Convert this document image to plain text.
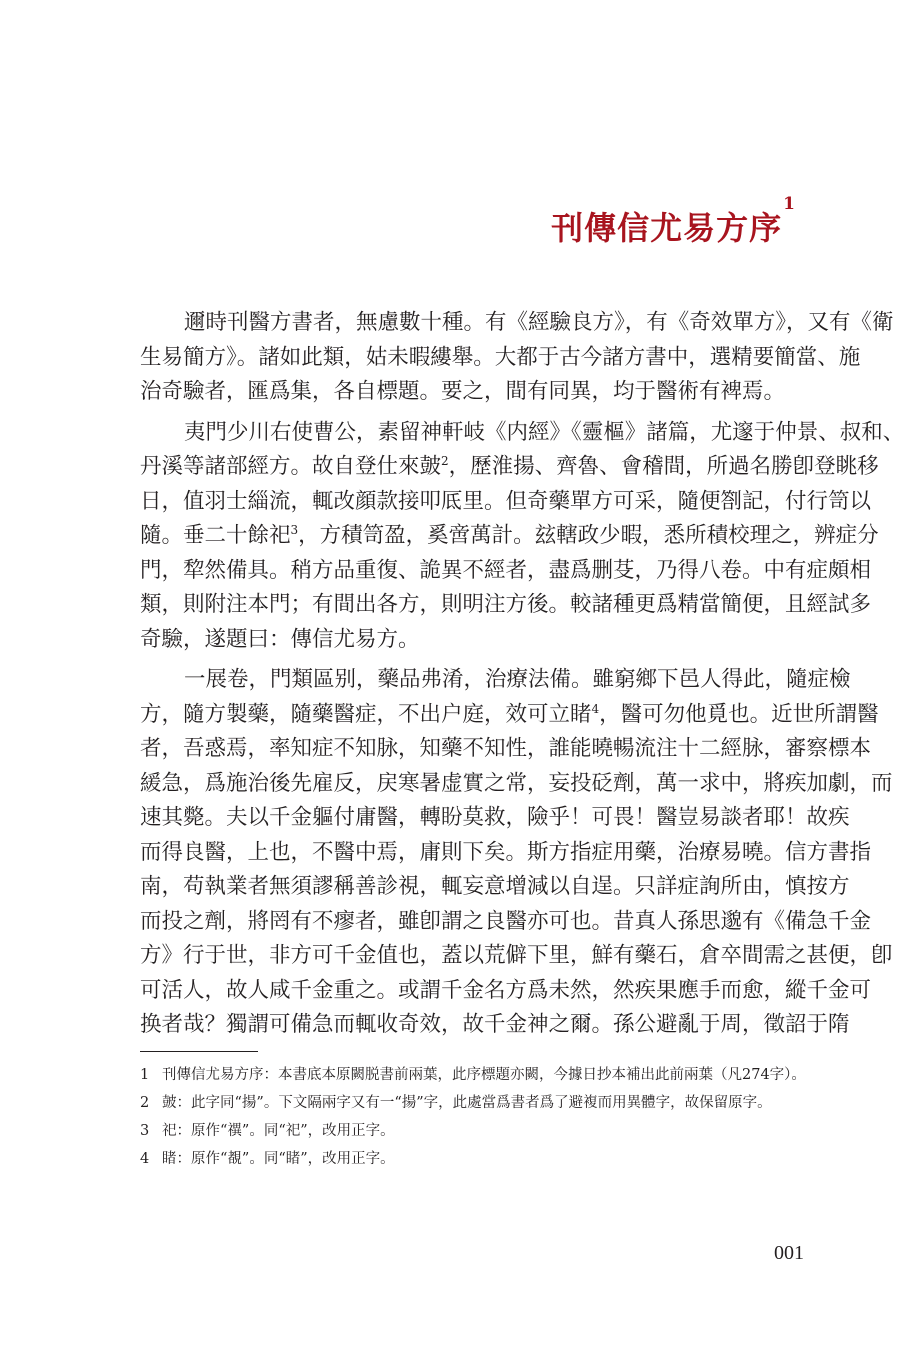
刊傳信尤易方序$^1$

邇時刊醫方書者，無慮數十種。有《經驗良方》，有《奇效單方》，又有《衛
生易簡方》。諸如此類，姑未暇縷舉。大都于古今諸方書中，選精要簡當、施
治奇驗者，匯爲集，各自標題。要之，間有同異，均于醫術有裨焉。

夷門少川右使曹公，素留神軒岐《内經》《靈樞》諸篇，尤邃于仲景、叔和、
丹溪等諸部經方。故自登仕來皷$^2$，歷淮揚、齊魯、會稽間，所過名勝卽登眺移
日，值羽士緇流，輒改顔款接叩厎里。但奇藥單方可采，隨便劄記，付行笥以
隨。垂二十餘祀$^3$，方積笥盈，奚啻萬計。玆轄政少暇，悉所積校理之，辨症分
門，犂然備具。稍方品重復、詭異不經者，盡爲删芟，乃得八卷。中有症頗相
類，則附注本門；有間出各方，則明注方後。較諸種更爲精當簡便，且經試多
奇驗，遂題曰：傳信尤易方。

一展卷，門類區别，藥品弗淆，治療法備。雖窮鄉下邑人得此，隨症檢
方，隨方製藥，隨藥醫症，不出户庭，效可立睹$^4$，醫可勿他覓也。近世所謂醫
者，吾惑焉，率知症不知脉，知藥不知性，誰能曉暢流注十二經脉，審察標本
緩急，爲施治後先雇反，戻寒暑虚實之常，妄投砭劑，萬一求中，將疾加劇，而
速其斃。夫以千金軀付庸醫，轉盼莫救，險乎！可畏！醫豈易談者耶！故疾
而得良醫，上也，不醫中焉，庸則下矣。斯方指症用藥，治療易曉。信方書指
南，苟執業者無須謬稱善診視，輒妄意增減以自逞。只詳症詢所由，慎按方
而投之劑，將罔有不瘳者，雖卽謂之良醫亦可也。昔真人孫思邈有《備急千金
方》行于世，非方可千金值也，蓋以荒僻下里，鮮有藥石，倉卒間需之甚便，卽
可活人，故人咸千金重之。或謂千金名方爲未然，然疾果應手而愈，縱千金可
换者哉？獨謂可備急而輒收奇效，故千金神之爾。孫公避亂于周，徵詔于隋

1 刊傳信尤易方序：本書底本原闕脱書前兩葉，此序標題亦闕，今據日抄本補出此前兩葉（凡274字）。
2 皷：此字同“揚”。下文隔兩字又有一“揚”字，此處當爲書者爲了避複而用異體字，故保留原字。
3 祀：原作“禩”。同“祀”，改用正字。
4 睹：原作“覩”。同“睹”，改用正字。
001
